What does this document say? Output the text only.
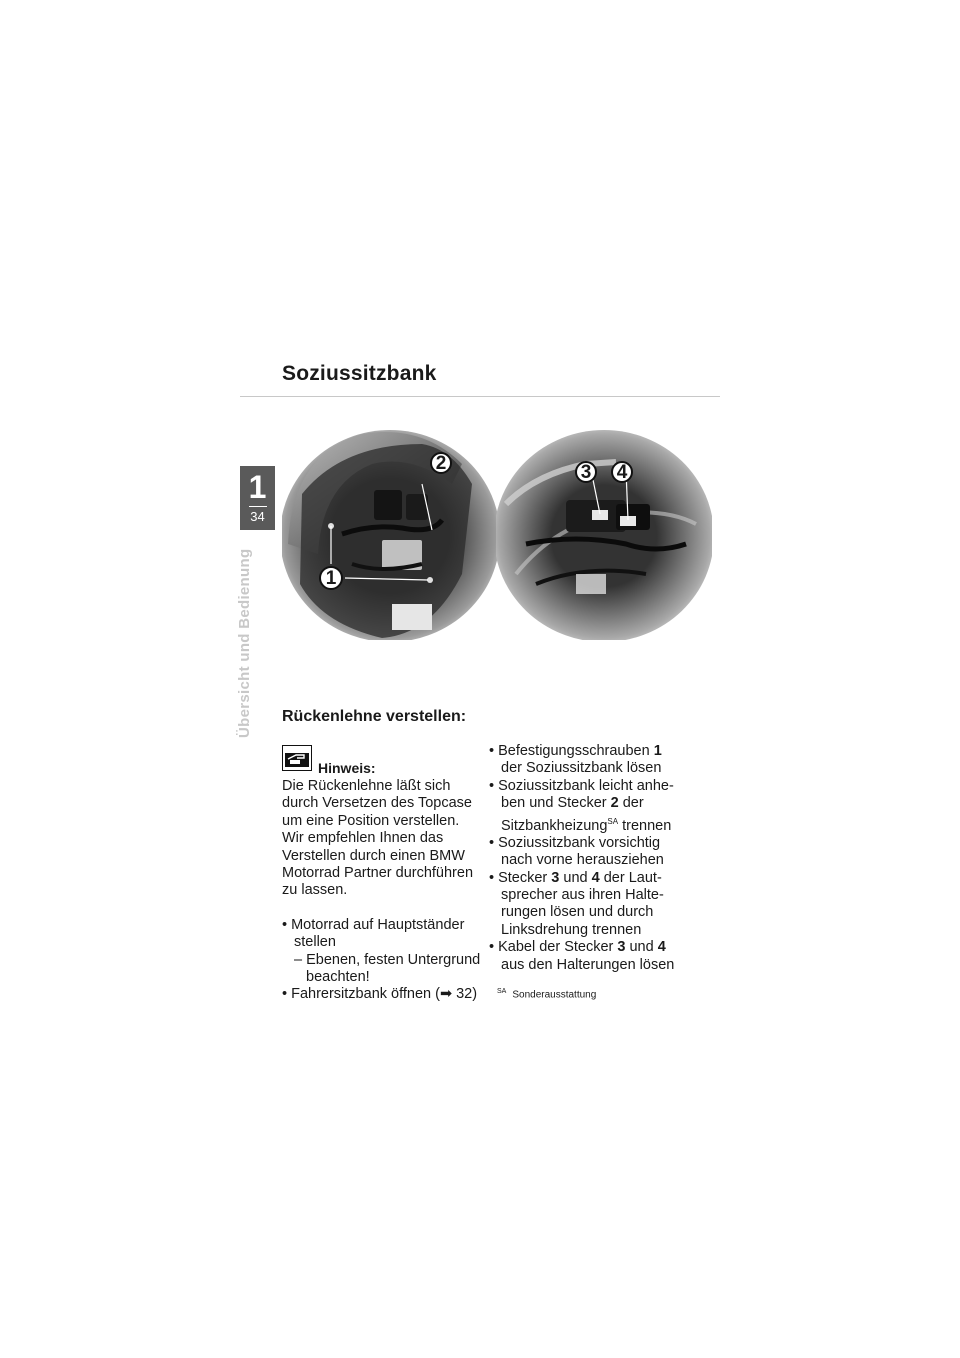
Soziussitzbank
1
34
Übersicht und Bedienung
2
1
3	4
Rückenlehne verstellen:
Hinweis:

Die Rückenlehne läßt sich

durch Versetzen des Topcase

um eine Position verstellen.

Wir empfehlen Ihnen das

Verstellen durch einen BMW

Motorrad Partner durchführen

zu lassen.

• Motorrad auf Hauptständer

stellen

– Ebenen, festen Untergrund

beachten!

• Fahrersitzbank öffnen (➡ 32)

• Befestigungsschrauben 1

der Soziussitzbank lösen

• Soziussitzbank leicht anhe-

ben und Stecker 2 der

Sitzbankheizung$^{SA}$ trennen

• Soziussitzbank vorsichtig

nach vorne herausziehen

• Stecker 3 und 4 der Laut-

sprecher aus ihren Halte-

rungen lösen und durch

Linksdrehung trennen

• Kabel der Stecker 3 und 4

aus den Halterungen lösen

$^{SA}$ Sonderausstattung
